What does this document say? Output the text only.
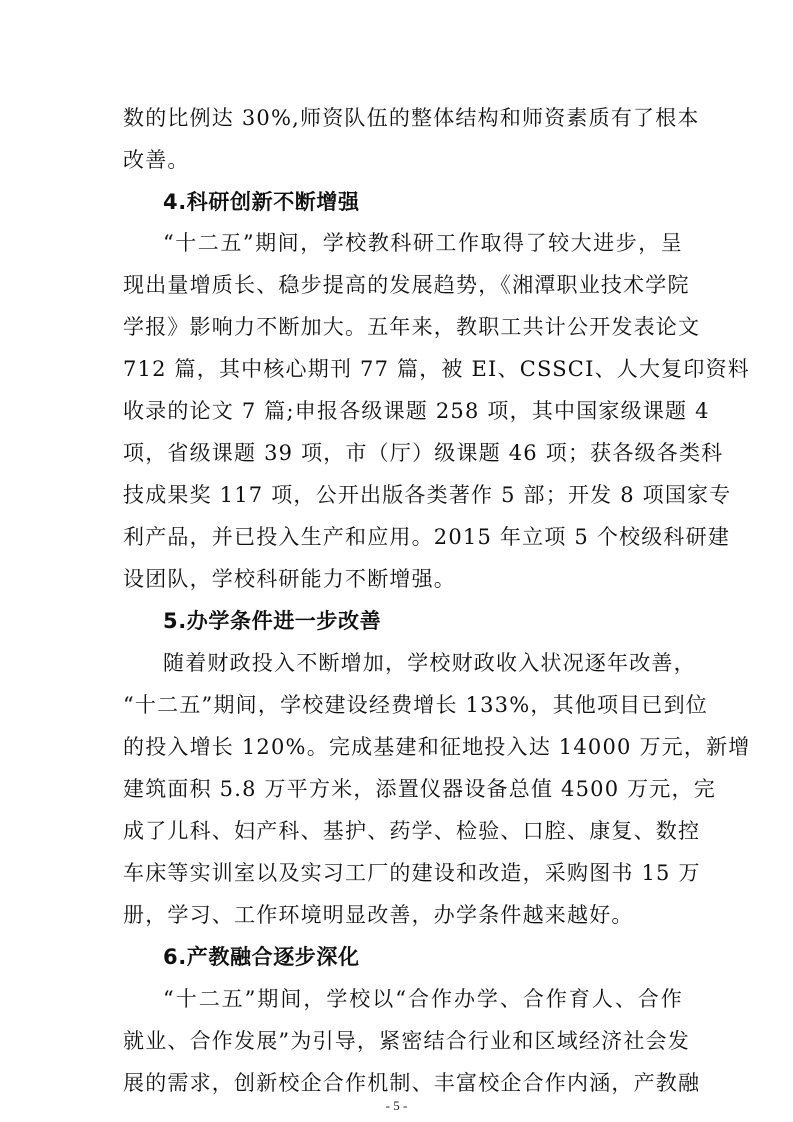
数的比例达 30%,师资队伍的整体结构和师资素质有了根本
改善。
4.科研创新不断增强
“十二五”期间，学校教科研工作取得了较大进步，呈
现出量增质长、稳步提高的发展趋势，《湘潭职业技术学院
学报》影响力不断加大。五年来，教职工共计公开发表论文
712 篇，其中核心期刊 77 篇，被 EI、CSSCI、人大复印资料
收录的论文 7 篇;申报各级课题 258 项，其中国家级课题 4
项，省级课题 39 项，市（厅）级课题 46 项；获各级各类科
技成果奖 117 项，公开出版各类著作 5 部；开发 8 项国家专
利产品，并已投入生产和应用。2015 年立项 5 个校级科研建
设团队，学校科研能力不断增强。
5.办学条件进一步改善
随着财政投入不断增加，学校财政收入状况逐年改善，
“十二五”期间，学校建设经费增长 133%，其他项目已到位
的投入增长 120%。完成基建和征地投入达 14000 万元，新增
建筑面积 5.8 万平方米，添置仪器设备总值 4500 万元，完
成了儿科、妇产科、基护、药学、检验、口腔、康复、数控
车床等实训室以及实习工厂的建设和改造，采购图书 15 万
册，学习、工作环境明显改善，办学条件越来越好。
6.产教融合逐步深化
“十二五”期间，学校以“合作办学、合作育人、合作
就业、合作发展”为引导，紧密结合行业和区域经济社会发
展的需求，创新校企合作机制、丰富校企合作内涵，产教融
- 5 -
